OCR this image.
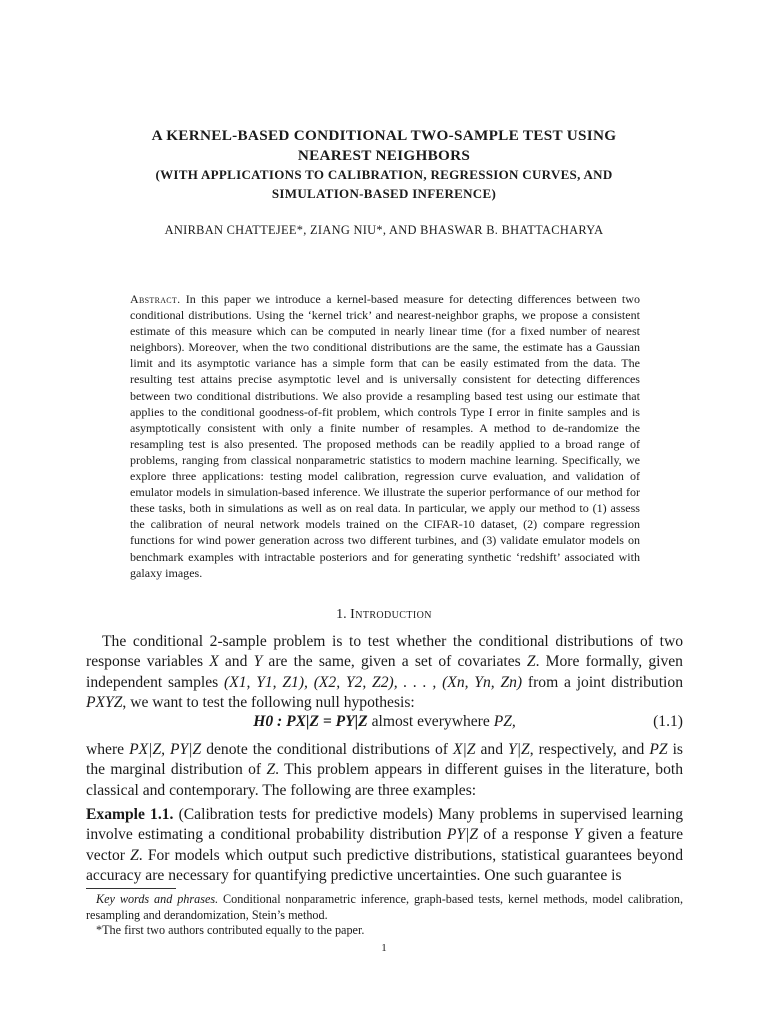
A KERNEL-BASED CONDITIONAL TWO-SAMPLE TEST USING
NEAREST NEIGHBORS
(WITH APPLICATIONS TO CALIBRATION, REGRESSION CURVES, AND
SIMULATION-BASED INFERENCE)
ANIRBAN CHATTEJEE*, ZIANG NIU*, AND BHASWAR B. BHATTACHARYA
Abstract. In this paper we introduce a kernel-based measure for detecting differences between two conditional distributions. Using the ‘kernel trick’ and nearest-neighbor graphs, we propose a consistent estimate of this measure which can be computed in nearly linear time (for a fixed number of nearest neighbors). Moreover, when the two conditional distributions are the same, the estimate has a Gaussian limit and its asymptotic variance has a simple form that can be easily estimated from the data. The resulting test attains precise asymptotic level and is universally consistent for detecting differences between two conditional distributions. We also provide a resampling based test using our estimate that applies to the conditional goodness-of-fit problem, which controls Type I error in finite samples and is asymptotically consistent with only a finite number of resamples. A method to de-randomize the resampling test is also presented. The proposed methods can be readily applied to a broad range of problems, ranging from classical nonparametric statistics to modern machine learning. Specifically, we explore three applications: testing model calibration, regression curve evaluation, and validation of emulator models in simulation-based inference. We illustrate the superior performance of our method for these tasks, both in simulations as well as on real data. In particular, we apply our method to (1) assess the calibration of neural network models trained on the CIFAR-10 dataset, (2) compare regression functions for wind power generation across two different turbines, and (3) validate emulator models on benchmark examples with intractable posteriors and for generating synthetic ‘redshift’ associated with galaxy images.
1. Introduction
The conditional 2-sample problem is to test whether the conditional distributions of two response variables X and Y are the same, given a set of covariates Z. More formally, given independent samples (X1, Y1, Z1), (X2, Y2, Z2), . . . , (Xn, Yn, Zn) from a joint distribution PXYZ, we want to test the following null hypothesis:
H0 : PX|Z = PY|Z almost everywhere PZ,	(1.1)
where PX|Z, PY|Z denote the conditional distributions of X|Z and Y|Z, respectively, and PZ is the marginal distribution of Z. This problem appears in different guises in the literature, both classical and contemporary. The following are three examples:
Example 1.1. (Calibration tests for predictive models) Many problems in supervised learning involve estimating a conditional probability distribution PY|Z of a response Y given a feature vector Z. For models which output such predictive distributions, statistical guarantees beyond accuracy are necessary for quantifying predictive uncertainties. One such guarantee is
Key words and phrases. Conditional nonparametric inference, graph-based tests, kernel methods, model calibration, resampling and derandomization, Stein’s method.
*The first two authors contributed equally to the paper.
1
